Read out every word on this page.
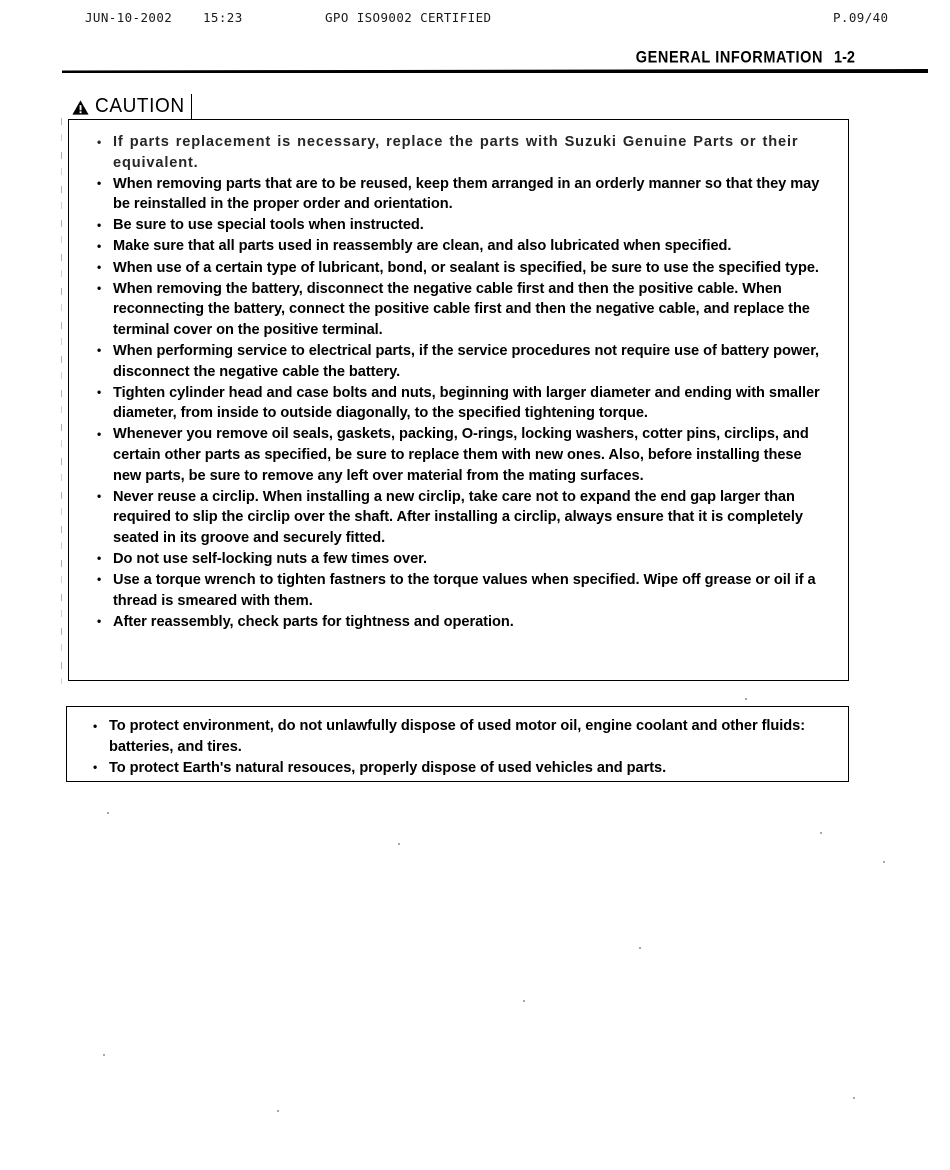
JUN-10-2002 15:23	GPO ISO9002 CERTIFIED	P.09/40
GENERAL INFORMATION 1-2
CAUTION
• If parts replacement is necessary, replace the parts with Suzuki Genuine Parts or their equivalent.
• When removing parts that are to be reused, keep them arranged in an orderly manner so that they may be reinstalled in the proper order and orientation.
• Be sure to use special tools when instructed.
• Make sure that all parts used in reassembly are clean, and also lubricated when specified.
• When use of a certain type of lubricant, bond, or sealant is specified, be sure to use the specified type.
• When removing the battery, disconnect the negative cable first and then the positive cable. When reconnecting the battery, connect the positive cable first and then the negative cable, and replace the terminal cover on the positive terminal.
• When performing service to electrical parts, if the service procedures not require use of battery power, disconnect the negative cable the battery.
• Tighten cylinder head and case bolts and nuts, beginning with larger diameter and ending with smaller diameter, from inside to outside diagonally, to the specified tightening torque.
• Whenever you remove oil seals, gaskets, packing, O-rings, locking washers, cotter pins, circlips, and certain other parts as specified, be sure to replace them with new ones. Also, before installing these new parts, be sure to remove any left over material from the mating surfaces.
• Never reuse a circlip. When installing a new circlip, take care not to expand the end gap larger than required to slip the circlip over the shaft. After installing a circlip, always ensure that it is completely seated in its groove and securely fitted.
• Do not use self-locking nuts a few times over.
• Use a torque wrench to tighten fastners to the torque values when specified. Wipe off grease or oil if a thread is smeared with them.
• After reassembly, check parts for tightness and operation.
• To protect environment, do not unlawfully dispose of used motor oil, engine coolant and other fluids: batteries, and tires.
• To protect Earth's natural resouces, properly dispose of used vehicles and parts.
